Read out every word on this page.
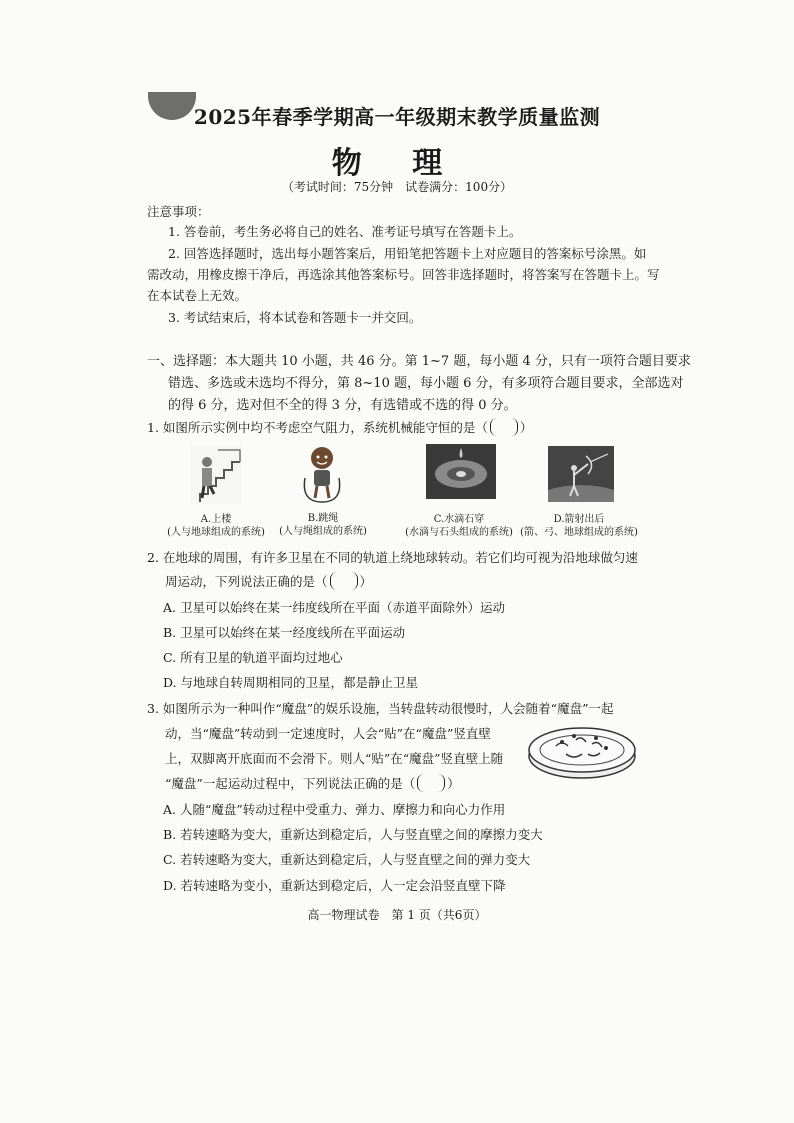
2025年春季学期高一年级期末教学质量监测
物 理
（考试时间：75分钟　试卷满分：100分）
注意事项：
1. 答卷前，考生务必将自己的姓名、准考证号填写在答题卡上。
2. 回答选择题时，选出每小题答案后，用铅笔把答题卡上对应题目的答案标号涂黑。如
需改动，用橡皮擦干净后，再选涂其他答案标号。回答非选择题时，将答案写在答题卡上。写
在本试卷上无效。
3. 考试结束后，将本试卷和答题卡一并交回。
一、选择题：本大题共 10 小题，共 46 分。第 1~7 题，每小题 4 分，只有一项符合题目要求
错选、多选或未选均不得分，第 8~10 题，每小题 6 分，有多项符合题目要求，全部选对
的得 6 分，选对但不全的得 3 分，有选错或不选的得 0 分。
1. 如图所示实例中均不考虑空气阻力，系统机械能守恒的是（	）
A.上楼
(人与地球组成的系统)
B.跳绳
(人与绳组成的系统)
C.水滴石穿
(水滴与石头组成的系统)
D.箭射出后
(箭、弓、地球组成的系统)
2. 在地球的周围，有许多卫星在不同的轨道上绕地球转动。若它们均可视为沿地球做匀速
周运动，下列说法正确的是（	）
A. 卫星可以始终在某一纬度线所在平面（赤道平面除外）运动
B. 卫星可以始终在某一经度线所在平面运动
C. 所有卫星的轨道平面均过地心
D. 与地球自转周期相同的卫星，都是静止卫星
3. 如图所示为一种叫作“魔盘”的娱乐设施，当转盘转动很慢时，人会随着“魔盘”一起
动，当“魔盘”转动到一定速度时，人会“贴”在“魔盘”竖直壁
上，双脚离开底面而不会滑下。则人“贴”在“魔盘”竖直壁上随
“魔盘”一起运动过程中，下列说法正确的是（	）
A. 人随“魔盘”转动过程中受重力、弹力、摩擦力和向心力作用
B. 若转速略为变大，重新达到稳定后，人与竖直壁之间的摩擦力变大
C. 若转速略为变大，重新达到稳定后，人与竖直壁之间的弹力变大
D. 若转速略为变小，重新达到稳定后，人一定会沿竖直壁下降
高一物理试卷　第 1 页（共6页）
